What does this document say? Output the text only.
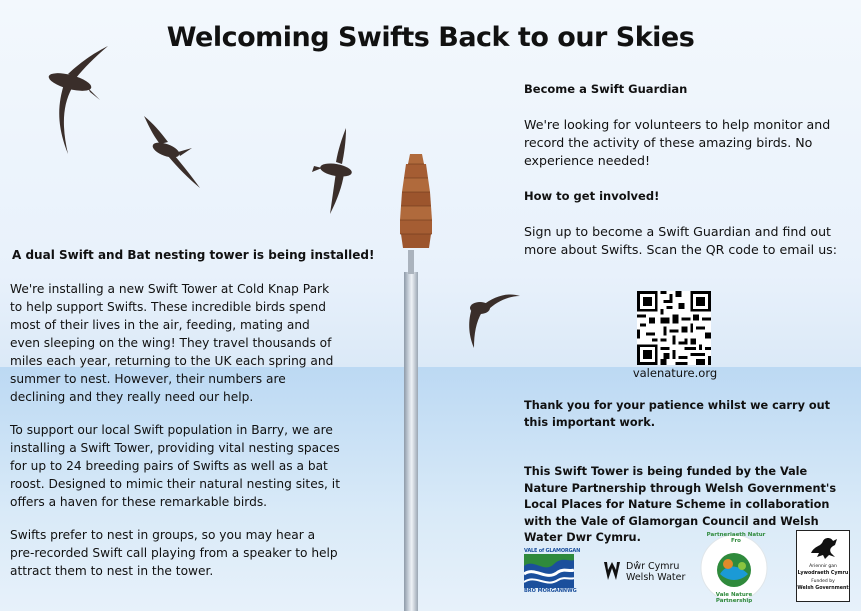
Welcoming Swifts Back to our Skies
A dual Swift and Bat nesting tower is being installed!

We're installing a new Swift Tower at Cold Knap Park to help support Swifts. These incredible birds spend most of their lives in the air, feeding, mating and even sleeping on the wing! They travel thousands of miles each year, returning to the UK each spring and summer to nest. However, their numbers are declining and they really need our help.

To support our local Swift population in Barry, we are installing a Swift Tower, providing vital nesting spaces for up to 24 breeding pairs of Swifts as well as a bat roost. Designed to mimic their natural nesting sites, it offers a haven for these remarkable birds.

Swifts prefer to nest in groups, so you may hear a pre-recorded Swift call playing from a speaker to help attract them to nest in the tower.

Become a Swift Guardian
We're looking for volunteers to help monitor and record the activity of these amazing birds. No experience needed!
How to get involved!
Sign up to become a Swift Guardian and find out more about Swifts. Scan the QR code to email us:
Thank you for your patience whilst we carry out this important work.
This Swift Tower is being funded by the Vale Nature Partnership through Welsh Government's Local Places for Nature Scheme in collaboration with the Vale of Glamorgan Council and Welsh Water Dwr Cymru.
valenature.org
VALE of GLAMORGAN
BRO MORGANNWG
Dŵr Cymru
Welsh Water
Partneriaeth Natur Fro
Vale Nature Partnership
Ariennir gan
Lywodraeth Cymru
Funded by
Welsh Government
